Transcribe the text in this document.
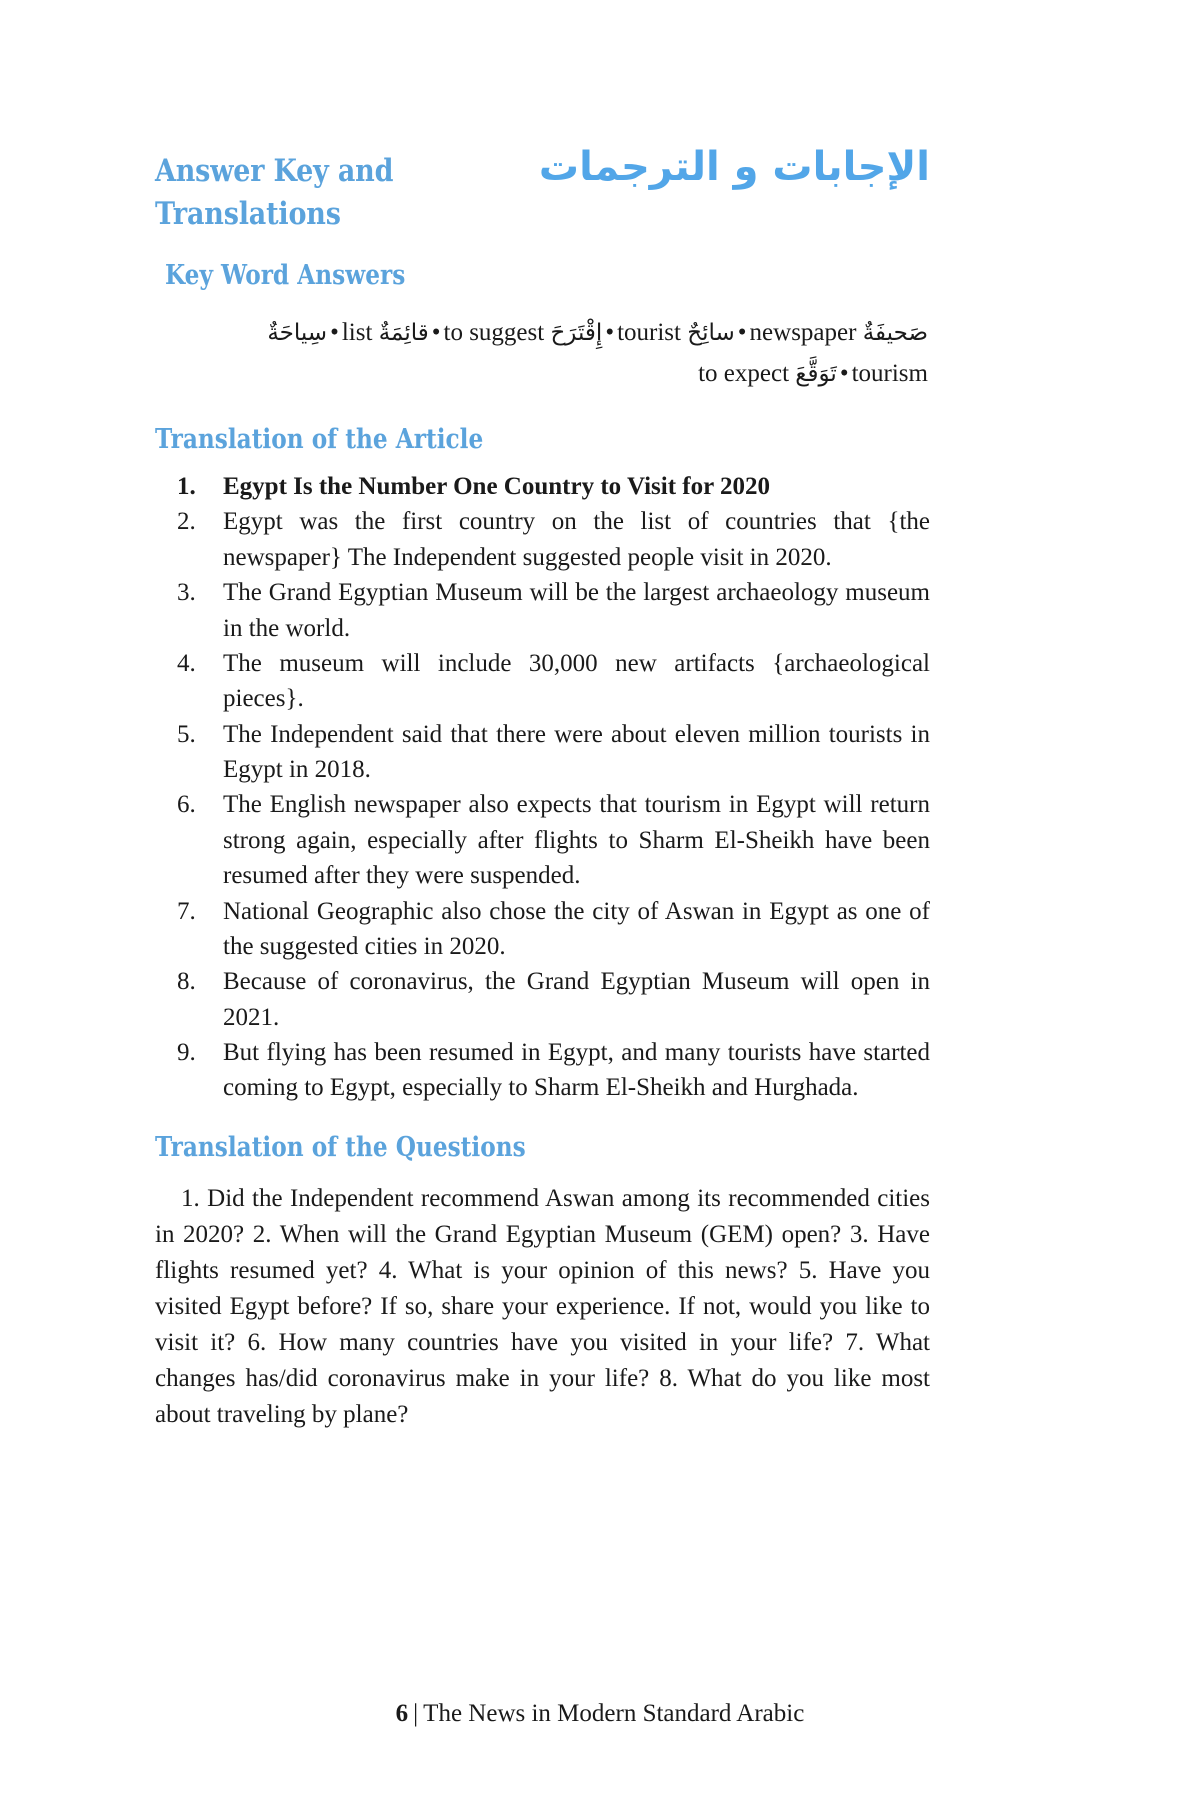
Answer Key and Translations
الإجابات و الترجمات
Key Word Answers
صَحيفَةٌ newspaper•سائِحٌ tourist•إِقْتَرَحَ to suggest•قائِمَةٌ list•سِياحَةٌ tourism•تَوَقَّعَ to expect
Translation of the Article
1.	Egypt Is the Number One Country to Visit for 2020
2.	Egypt was the first country on the list of countries that {the newspaper} The Independent suggested people visit in 2020.
3.	The Grand Egyptian Museum will be the largest archaeology museum in the world.
4.	The museum will include 30,000 new artifacts {archaeological pieces}.
5.	The Independent said that there were about eleven million tourists in Egypt in 2018.
6.	The English newspaper also expects that tourism in Egypt will return strong again, especially after flights to Sharm El-Sheikh have been resumed after they were suspended.
7.	National Geographic also chose the city of Aswan in Egypt as one of the suggested cities in 2020.
8.	Because of coronavirus, the Grand Egyptian Museum will open in 2021.
9.	But flying has been resumed in Egypt, and many tourists have started coming to Egypt, especially to Sharm El-Sheikh and Hurghada.
Translation of the Questions
1. Did the Independent recommend Aswan among its recommended cities in 2020? 2. When will the Grand Egyptian Museum (GEM) open? 3. Have flights resumed yet? 4. What is your opinion of this news? 5. Have you visited Egypt before? If so, share your experience. If not, would you like to visit it? 6. How many countries have you visited in your life? 7. What changes has/did coronavirus make in your life? 8. What do you like most about traveling by plane?
6 | The News in Modern Standard Arabic
